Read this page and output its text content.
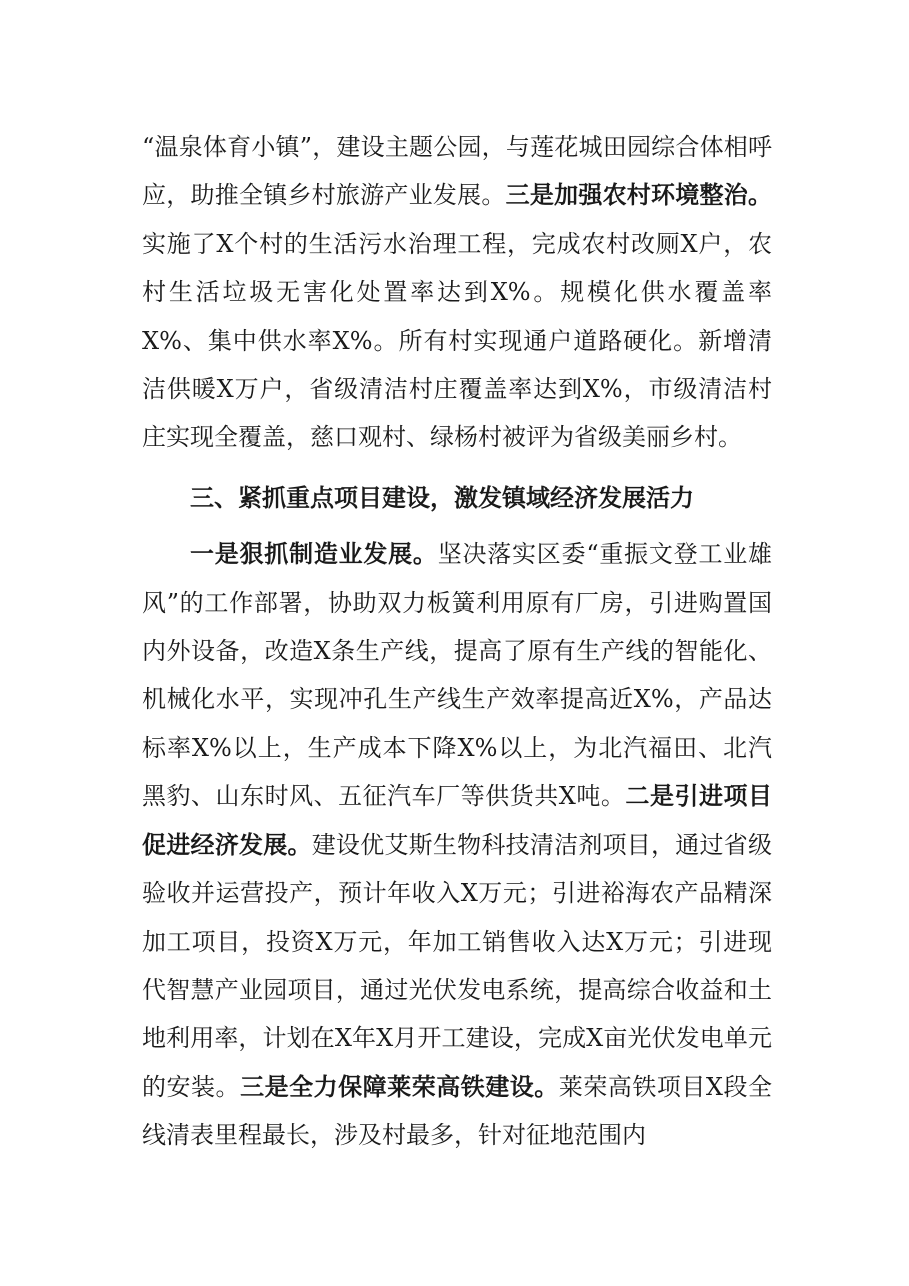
“温泉体育小镇”，建设主题公园，与莲花城田园综合体相呼应，助推全镇乡村旅游产业发展。三是加强农村环境整治。实施了X个村的生活污水治理工程，完成农村改厕X户，农村生活垃圾无害化处置率达到X%。规模化供水覆盖率X%、集中供水率X%。所有村实现通户道路硬化。新增清洁供暖X万户，省级清洁村庄覆盖率达到X%，市级清洁村庄实现全覆盖，慈口观村、绿杨村被评为省级美丽乡村。

三、紧抓重点项目建设，激发镇域经济发展活力

一是狠抓制造业发展。坚决落实区委“重振文登工业雄风”的工作部署，协助双力板簧利用原有厂房，引进购置国内外设备，改造X条生产线，提高了原有生产线的智能化、机械化水平，实现冲孔生产线生产效率提高近X%，产品达标率X%以上，生产成本下降X%以上，为北汽福田、北汽黑豹、山东时风、五征汽车厂等供货共X吨。二是引进项目促进经济发展。建设优艾斯生物科技清洁剂项目，通过省级验收并运营投产，预计年收入X万元；引进裕海农产品精深加工项目，投资X万元，年加工销售收入达X万元；引进现代智慧产业园项目，通过光伏发电系统，提高综合收益和土地利用率，计划在X年X月开工建设，完成X亩光伏发电单元的安装。三是全力保障莱荣高铁建设。莱荣高铁项目X段全线清表里程最长，涉及村最多，针对征地范围内
